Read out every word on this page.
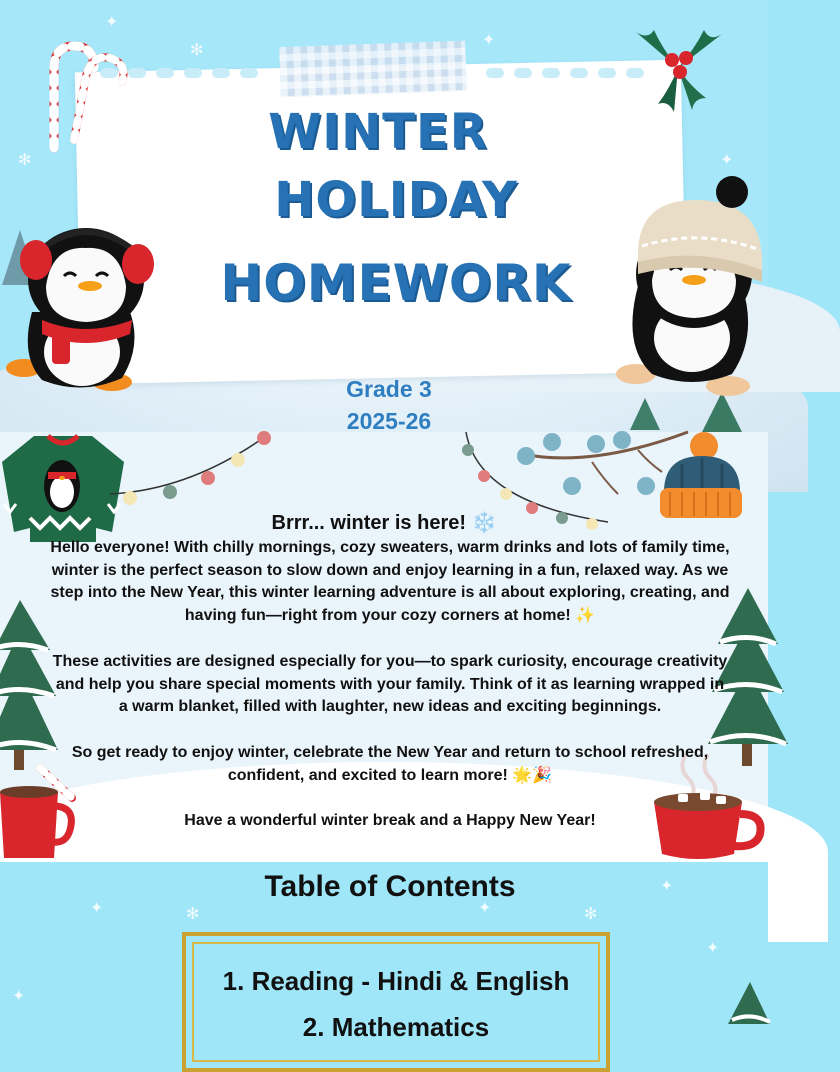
✻
✻
✦
✦
✦
WINTER
HOLIDAY
HOMEWORK
Grade 3
2025-26
Brrr... winter is here! ❄️

Hello everyone! With chilly mornings, cozy sweaters, warm drinks and lots of family time, winter is the perfect season to slow down and enjoy learning in a fun, relaxed way. As we step into the New Year, this winter learning adventure is all about exploring, creating, and having fun—right from your cozy corners at home! ✨

These activities are designed especially for you—to spark curiosity, encourage creativity and help you share special moments with your family. Think of it as learning wrapped in a warm blanket, filled with laughter, new ideas and exciting beginnings.

So get ready to enjoy winter, celebrate the New Year and return to school refreshed, confident, and excited to learn more! 🌟🎉

Have a wonderful winter break and a Happy New Year!

✦	✻
✦
✻
✦
✦
✦
Table of Contents
1. Reading - Hindi & English
2. Mathematics
